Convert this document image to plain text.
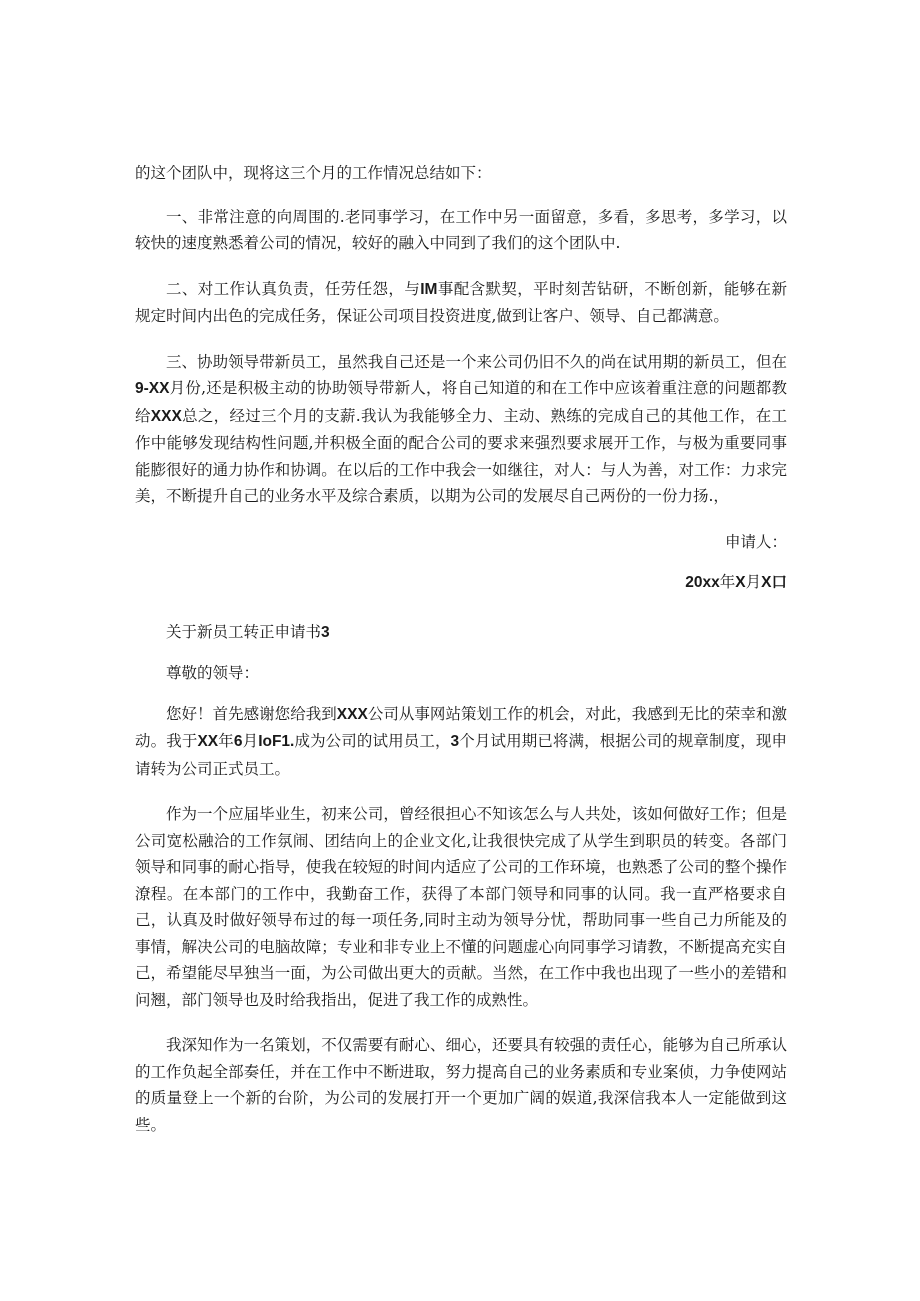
的这个团队中，现将这三个月的工作情况总结如下：

一、非常注意的向周围的.老同事学习，在工作中另一面留意，多看，多思考，多学习，以较快的速度熟悉着公司的情况，较好的融入中同到了我们的这个团队中.

二、对工作认真负责，任劳任怨，与IM事配含默契，平时刻苦钻研，不断创新，能够在新规定时间内出色的完成任务，保证公司项目投资进度,做到让客户、领导、自己都满意。

三、协助领导带新员工，虽然我自己还是一个来公司仍旧不久的尚在试用期的新员工，但在9-XX月份,还是积极主动的协助领导带新人，将自己知道的和在工作中应该着重注意的问题都教给XXX总之，经过三个月的支薪.我认为我能够全力、主动、熟练的完成自己的其他工作，在工作中能够发现结构性问题,并积极全面的配合公司的要求来强烈要求展开工作，与极为重要同事能膨很好的通力协作和协调。在以后的工作中我会一如继往，对人：与人为善，对工作：力求完美，不断提升自己的业务水平及综合素质，以期为公司的发展尽自己两份的一份力扬.，

申请人：

20xx年X月X口

关于新员工转正申请书3

尊敬的领导：

您好！首先感谢您给我到XXX公司从事网站策划工作的机会，对此，我感到无比的荣幸和激动。我于XX年6月IoF1.成为公司的试用员工，3个月试用期已将满，根据公司的规章制度，现申请转为公司正式员工。

作为一个应届毕业生，初来公司，曾经很担心不知该怎么与人共处，该如何做好工作；但是公司宽松融洽的工作氛闹、团结向上的企业文化,让我很快完成了从学生到职员的转变。各部门领导和同事的耐心指导，使我在较短的时间内适应了公司的工作环境，也熟悉了公司的整个操作潦程。在本部门的工作中，我勤奋工作，获得了本部门领导和同事的认同。我一直严格要求自己，认真及时做好领导布过的每一项任务,同时主动为领导分忧，帮助同事一些自己力所能及的事情，解决公司的电脑故障；专业和非专业上不懂的问题虚心向同事学习请教，不断提高充实自己，希望能尽早独当一面，为公司做出更大的贡献。当然，在工作中我也出现了一些小的差错和问翘，部门领导也及时给我指出，促进了我工作的成熟性。

我深知作为一名策划，不仅需要有耐心、细心，还要具有较强的责任心，能够为自己所承认的工作负起全部奏任，并在工作中不断进取，努力提高自己的业务素质和专业案侦，力争使网站的质量登上一个新的台阶，为公司的发展打开一个更加广阔的娱道,我深信我本人一定能做到这些。
